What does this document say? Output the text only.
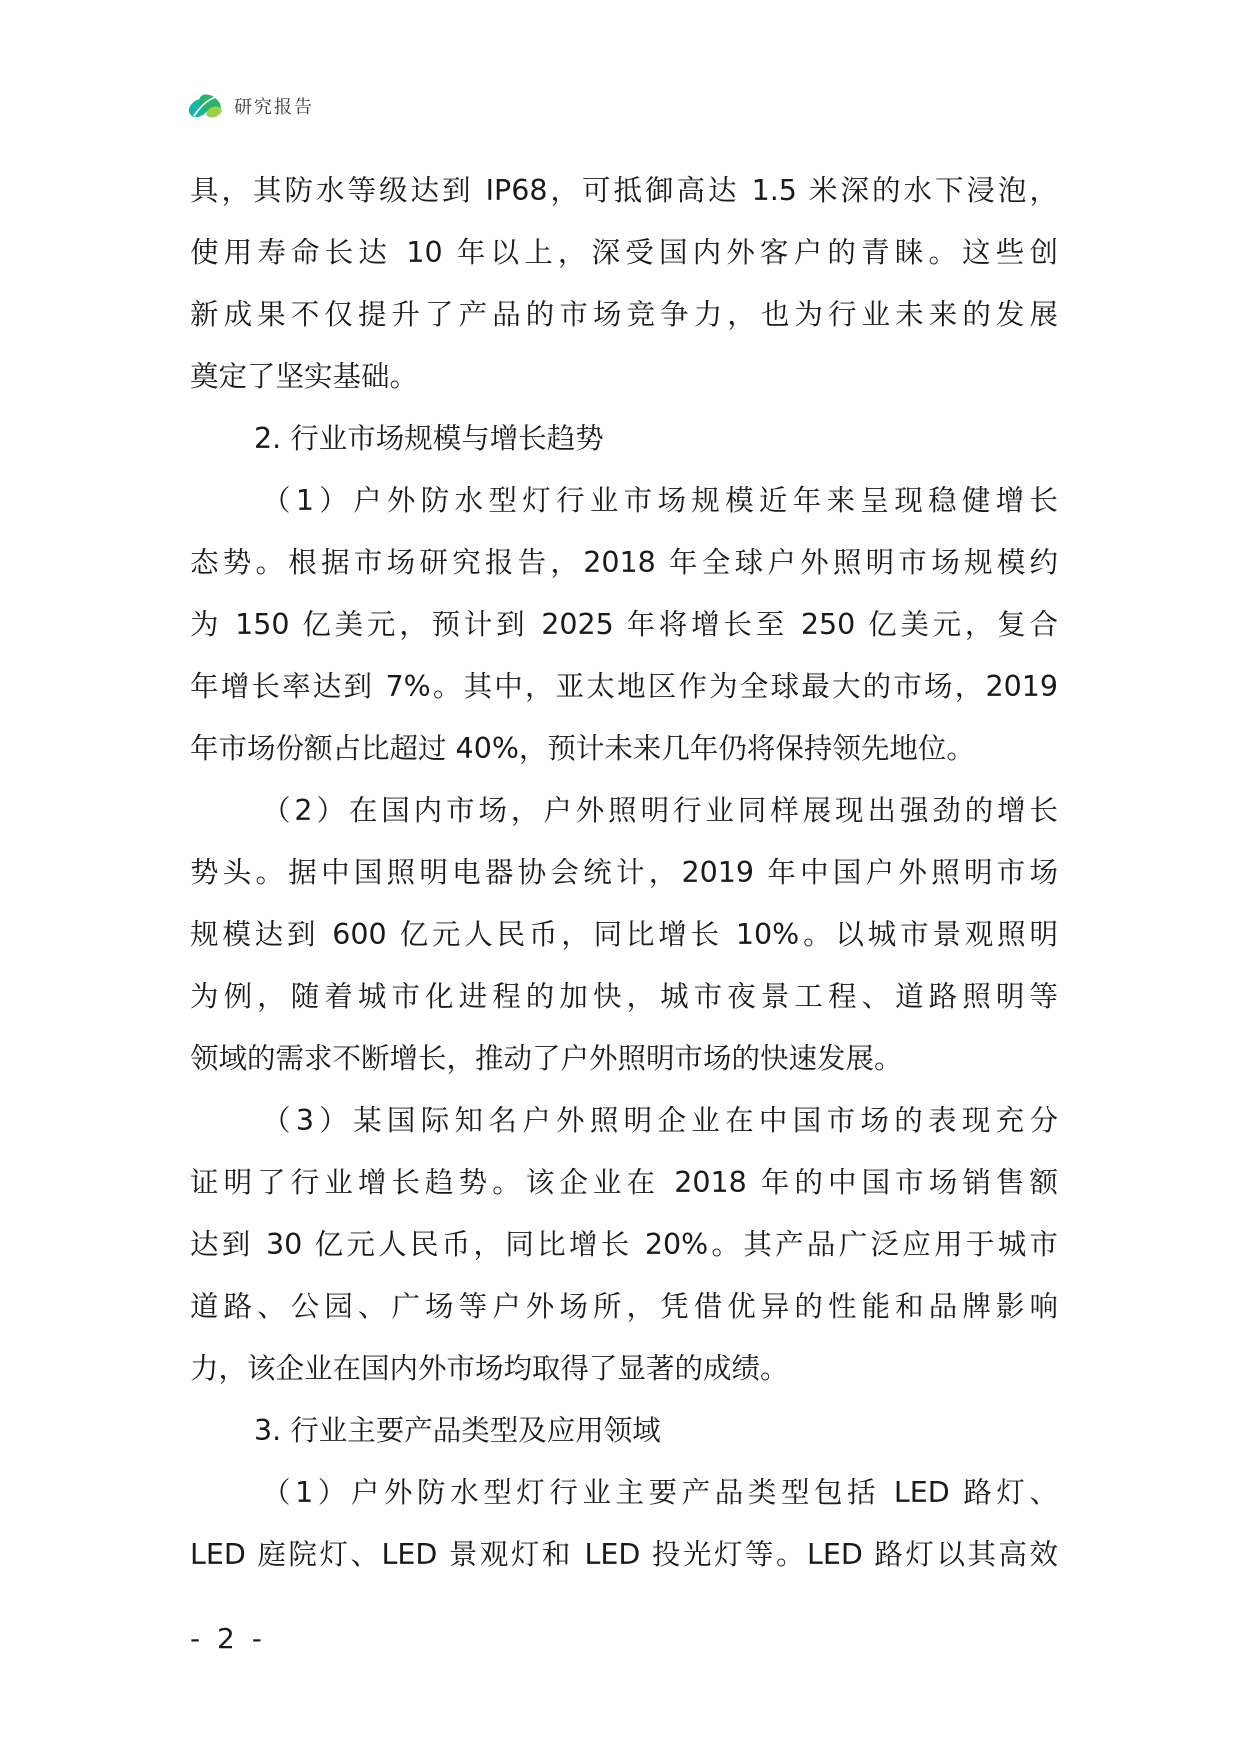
研究报告
具，其防水等级达到 IP68，可抵御高达 1.5 米深的水下浸泡，
使用寿命长达 10 年以上，深受国内外客户的青睐。这些创
新成果不仅提升了产品的市场竞争力，也为行业未来的发展
奠定了坚实基础。
2. 行业市场规模与增长趋势
（1）户外防水型灯行业市场规模近年来呈现稳健增长
态势。根据市场研究报告，2018 年全球户外照明市场规模约
为 150 亿美元，预计到 2025 年将增长至 250 亿美元，复合
年增长率达到 7%。其中，亚太地区作为全球最大的市场，2019
年市场份额占比超过 40%，预计未来几年仍将保持领先地位。
（2）在国内市场，户外照明行业同样展现出强劲的增长
势头。据中国照明电器协会统计，2019 年中国户外照明市场
规模达到 600 亿元人民币，同比增长 10%。以城市景观照明
为例，随着城市化进程的加快，城市夜景工程、道路照明等
领域的需求不断增长，推动了户外照明市场的快速发展。
（3）某国际知名户外照明企业在中国市场的表现充分
证明了行业增长趋势。该企业在 2018 年的中国市场销售额
达到 30 亿元人民币，同比增长 20%。其产品广泛应用于城市
道路、公园、广场等户外场所，凭借优异的性能和品牌影响
力，该企业在国内外市场均取得了显著的成绩。
3. 行业主要产品类型及应用领域
（1）户外防水型灯行业主要产品类型包括 LED 路灯、
LED 庭院灯、LED 景观灯和 LED 投光灯等。LED 路灯以其高效
- 2 -
